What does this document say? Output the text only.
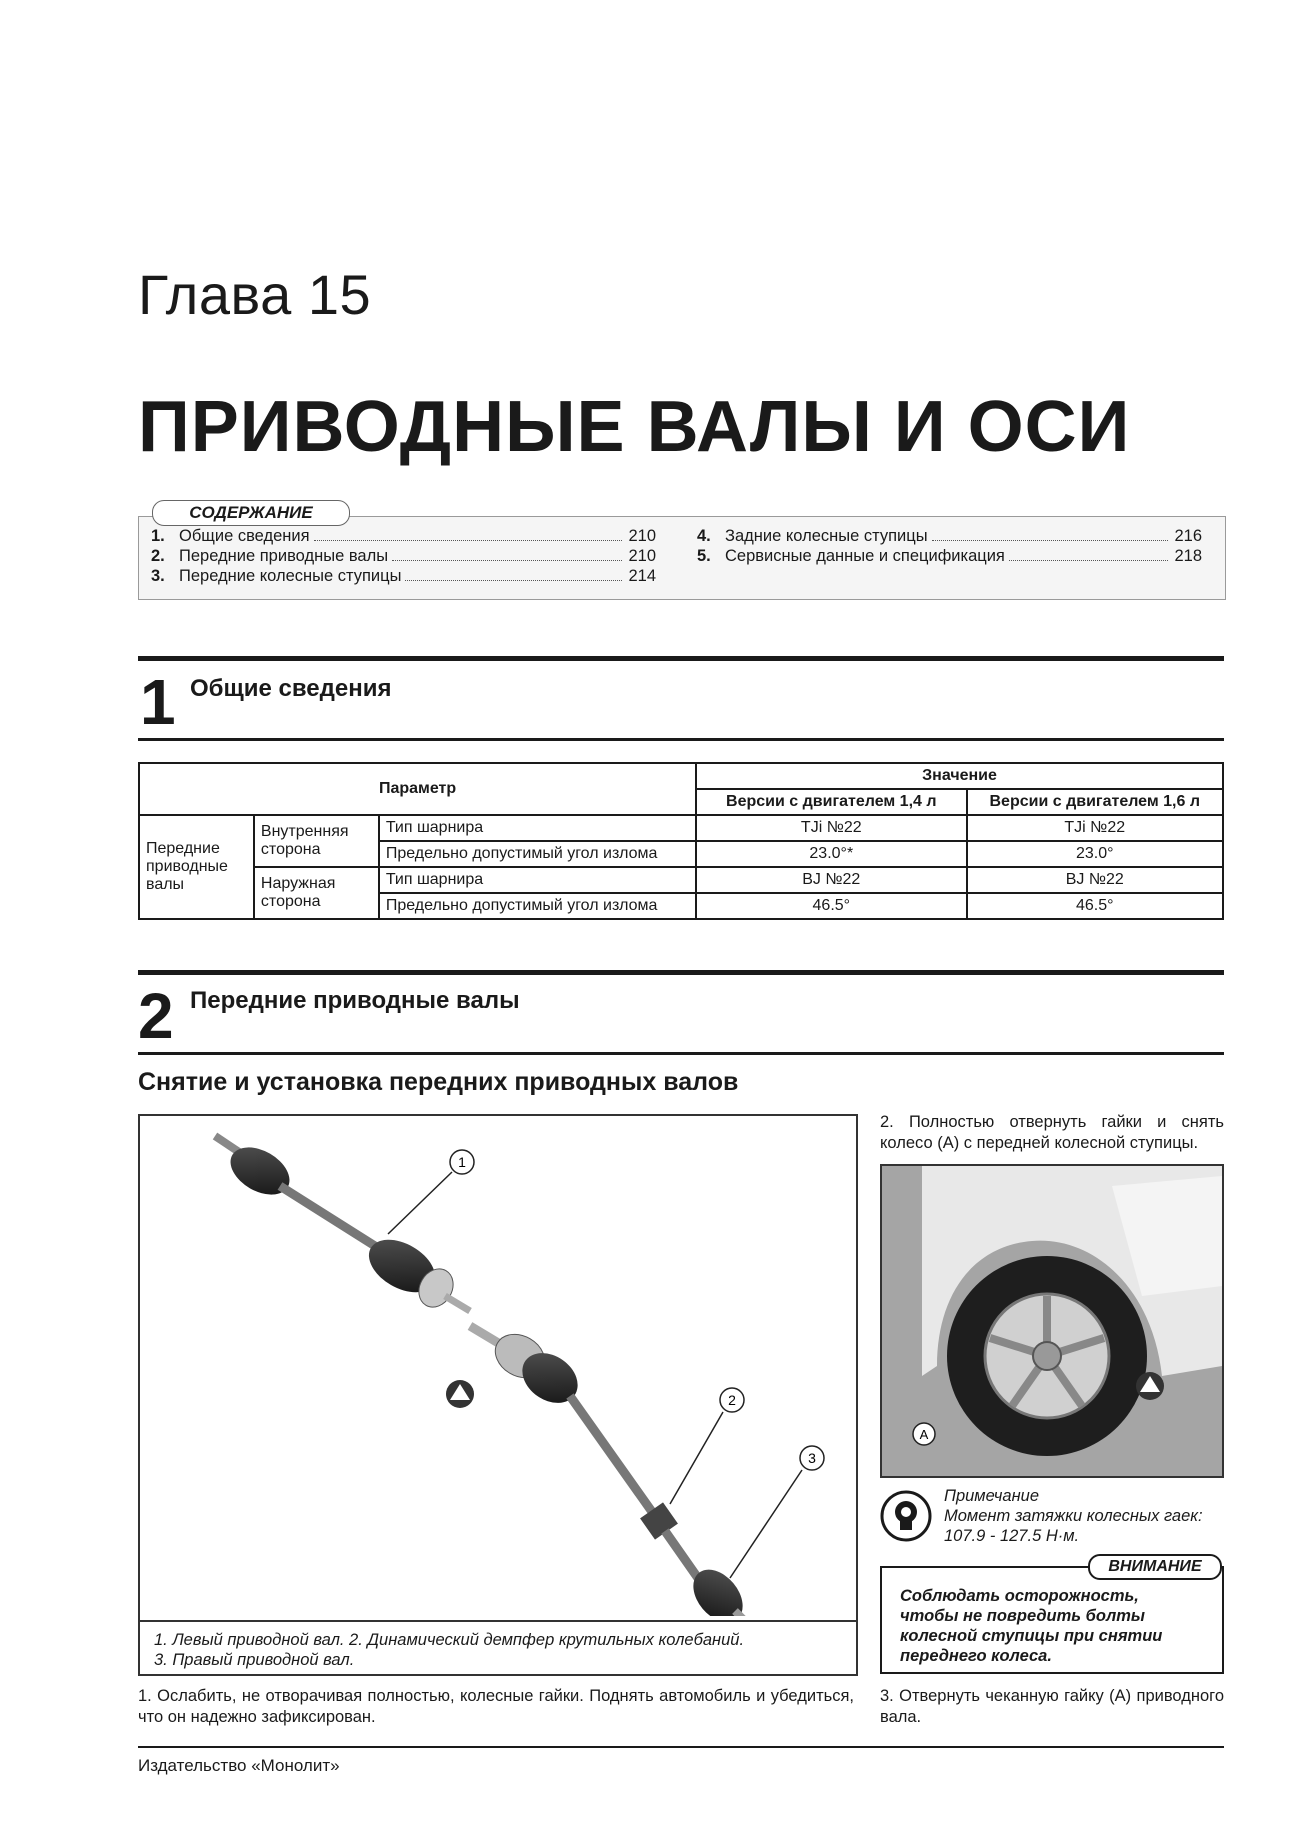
Глава 15
ПРИВОДНЫЕ ВАЛЫ И ОСИ
1. Общие сведения	210
2. Передние приводные валы	210
3. Передние колесные ступицы	214
4. Задние колесные ступицы	216
5. Сервисные данные и спецификация	218
СОДЕРЖАНИЕ
1 Общие сведения
Параметр			Значение	
			Версии с двигателем 1,4 л	Версии с двигателем 1,6 л
Передние приводные валы	Внутренняя сторона	Тип шарнира	TJi №22	TJi №22
		Предельно допустимый угол излома	23.0°*	23.0°
	Наружная сторона	Тип шарнира	BJ №22	BJ №22
		Предельно допустимый угол излома	46.5°	46.5°
2 Передние приводные валы
Снятие и установка передних приводных валов
1
2
3
1. Левый приводной вал. 2. Динамический демпфер крутильных колебаний.
3. Правый приводной вал.
1. Ослабить, не отворачивая полностью, колесные гайки. Поднять автомобиль и убедиться, что он надежно зафиксирован.
2. Полностью отвернуть гайки и снять колесо (А) с передней колесной ступицы.
A
Примечание
Момент затяжки колесных гаек: 107.9 - 127.5 Н·м.
Соблюдать осторожность, чтобы не повредить болты колесной ступицы при снятии переднего колеса.
ВНИМАНИЕ
3. Отвернуть чеканную гайку (А) приводного вала.
Издательство «Монолит»
